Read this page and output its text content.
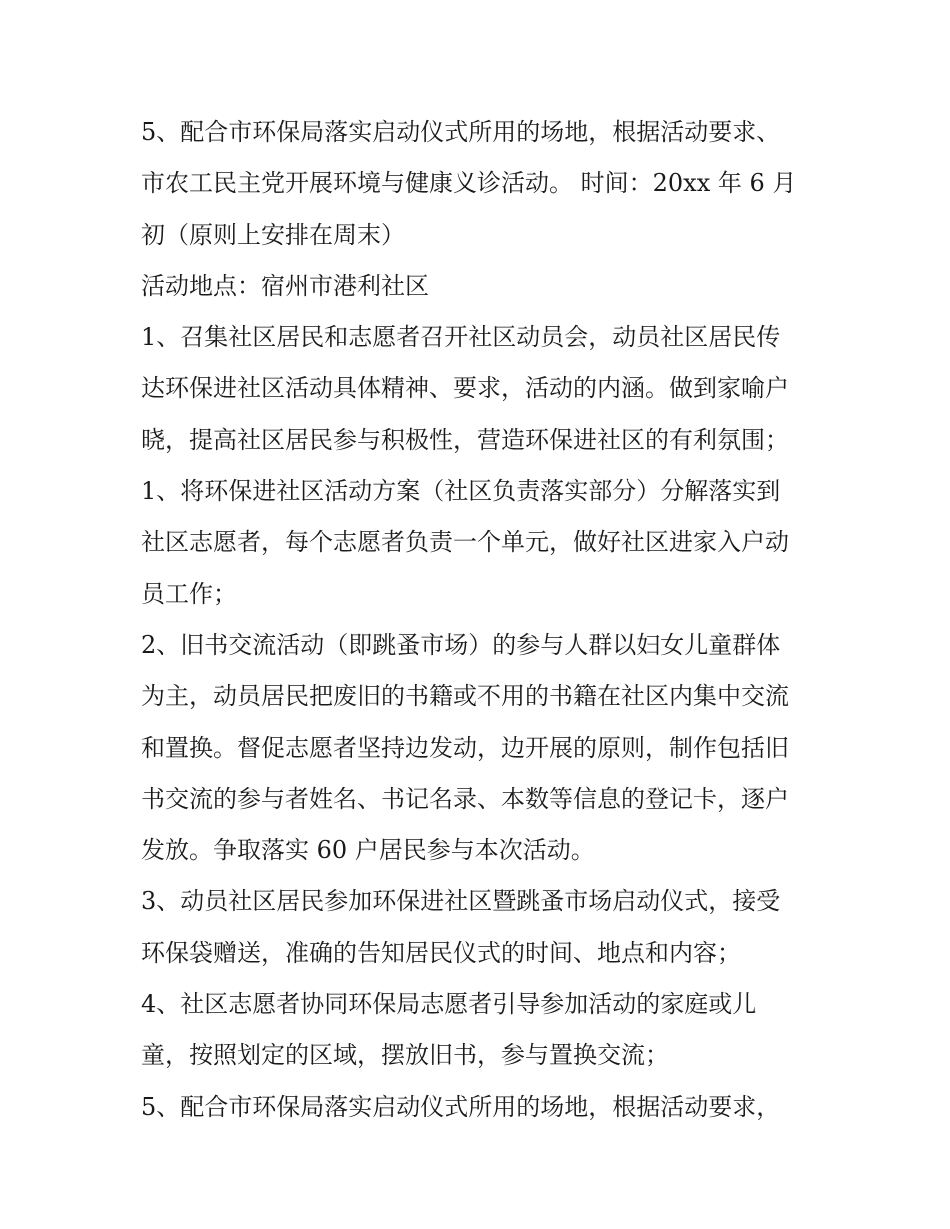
5、配合市环保局落实启动仪式所用的场地，根据活动要求、
市农工民主党开展环境与健康义诊活动。 时间：20xx 年 6 月
初（原则上安排在周末）
活动地点：宿州市港利社区
1、召集社区居民和志愿者召开社区动员会，动员社区居民传
达环保进社区活动具体精神、要求，活动的内涵。做到家喻户
晓，提高社区居民参与积极性，营造环保进社区的有利氛围；
1、将环保进社区活动方案（社区负责落实部分）分解落实到
社区志愿者，每个志愿者负责一个单元，做好社区进家入户动
员工作；
2、旧书交流活动（即跳蚤市场）的参与人群以妇女儿童群体
为主，动员居民把废旧的书籍或不用的书籍在社区内集中交流
和置换。督促志愿者坚持边发动，边开展的原则，制作包括旧
书交流的参与者姓名、书记名录、本数等信息的登记卡，逐户
发放。争取落实 60 户居民参与本次活动。
3、动员社区居民参加环保进社区暨跳蚤市场启动仪式，接受
环保袋赠送，准确的告知居民仪式的时间、地点和内容；
4、社区志愿者协同环保局志愿者引导参加活动的家庭或儿
童，按照划定的区域，摆放旧书，参与置换交流；
5、配合市环保局落实启动仪式所用的场地，根据活动要求，
